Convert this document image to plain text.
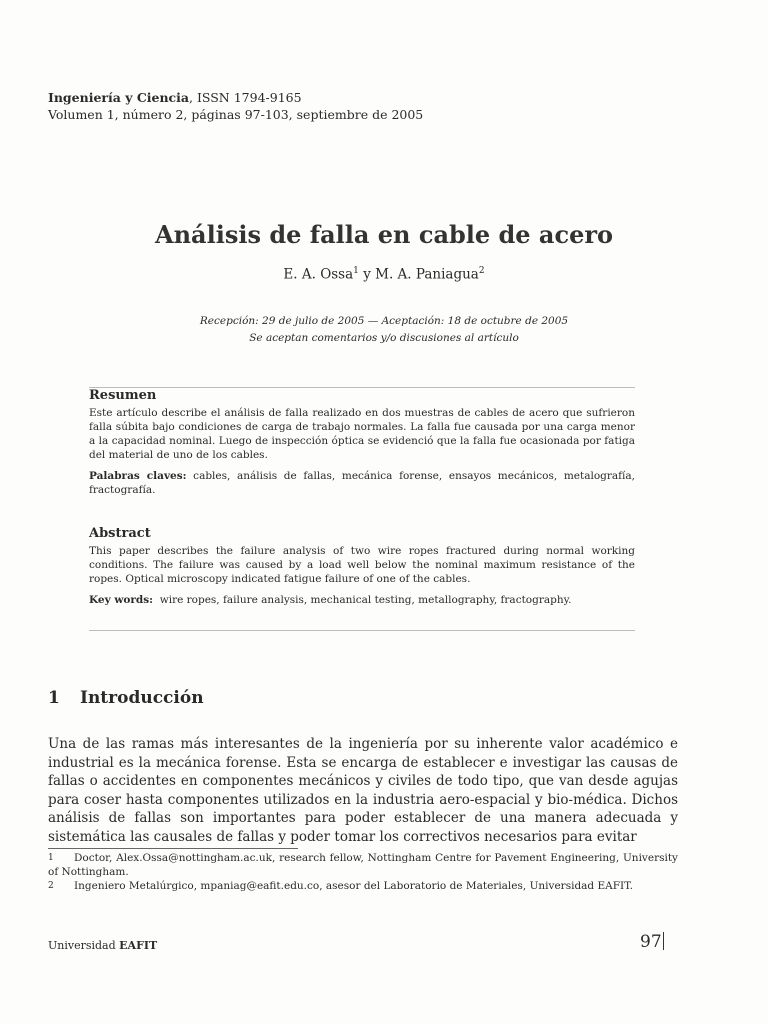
Ingeniería y Ciencia, ISSN 1794-9165
Volumen 1, número 2, páginas 97-103, septiembre de 2005
Análisis de falla en cable de acero
E. A. Ossa$^1$ y M. A. Paniagua$^2$
Recepción: 29 de julio de 2005 — Aceptación: 18 de octubre de 2005
Se aceptan comentarios y/o discusiones al artículo
Resumen

Este artículo describe el análisis de falla realizado en dos muestras de cables de acero que sufrieron falla súbita bajo condiciones de carga de trabajo normales. La falla fue causada por una carga menor a la capacidad nominal. Luego de inspección óptica se evidenció que la falla fue ocasionada por fatiga del material de uno de los cables.

Palabras claves: cables, análisis de fallas, mecánica forense, ensayos mecánicos, metalografía, fractografía.

Abstract

This paper describes the failure analysis of two wire ropes fractured during normal working conditions. The failure was caused by a load well below the nominal maximum resistance of the ropes. Optical microscopy indicated fatigue failure of one of the cables.

Key words:  wire ropes, failure analysis, mechanical testing, metallography, fractography.

1 Introducción
Una de las ramas más interesantes de la ingeniería por su inherente valor académico e industrial es la mecánica forense. Esta se encarga de establecer e investigar las causas de fallas o accidentes en componentes mecánicos y civiles de todo tipo, que van desde agujas para coser hasta componentes utilizados en la industria aero-espacial y bio-médica. Dichos análisis de fallas son importantes para poder establecer de una manera adecuada y sistemática las causales de fallas y poder tomar los correctivos necesarios para evitar

1 Doctor, Alex.Ossa@nottingham.ac.uk, research fellow, Nottingham Centre for Pavement Engineering, University of Nottingham.

2 Ingeniero Metalúrgico, mpaniag@eafit.edu.co, asesor del Laboratorio de Materiales, Universidad EAFIT.

Universidad EAFIT	97
